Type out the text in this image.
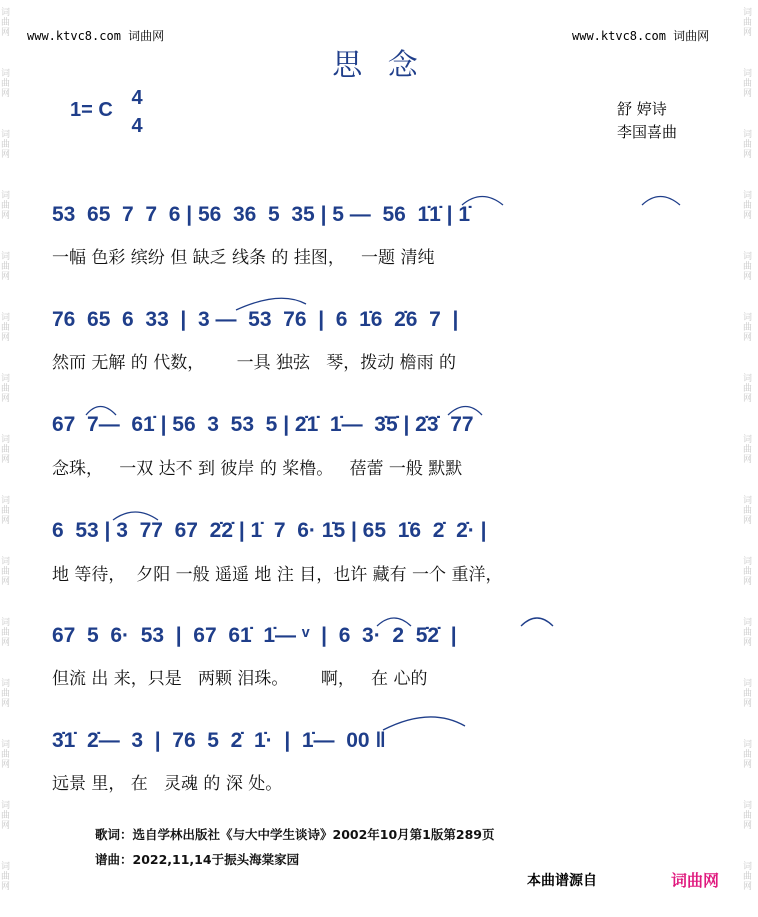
词
曲
网
词
曲
网
词
曲
网
词
曲
网
词
曲
网
词
曲
网
词
曲
网
词
曲
网
词
曲
网
词
曲
网
词
曲
网
词
曲
网
词
曲
网
词
曲
网
词
曲
网
词
曲
网
词
曲
网
词
曲
网
词
曲
网
词
曲
网
词
曲
网
词
曲
网
词
曲
网
词
曲
网
词
曲
网
词
曲
网
词
曲
网
词
曲
网
词
曲
网
词
曲
网
www.ktvc8.com 词曲网	www.ktvc8.com 词曲网
思 念
1= C
4
4
舒 婷诗
李国喜曲
53  65  7  7  6 | 56  36  5  35 | 5 —  56  1̇1̇ | 1̇
一幅 色彩 缤纷 但 缺乏 线条 的 挂图，   一题 清纯
76  65  6  33  |  3 —  53  76  |  6  1̇6  2̇6  7  |
然而 无解 的 代数，      一具 独弦   琴，拨动 檐雨 的
67  7—  61̇ | 56  3  53  5 | 2̇1̇  1̇—  3̇5̇ | 2̇3̇  77
念珠，   一双 达不 到 彼岸 的 桨橹。   蓓蕾 一般 默默
6  53 | 3  77  67  2̇2̇ | 1̇  7  6· 1̇5 | 65  1̇6  2̇  2̇· |
地 等待，  夕阳 一般 遥遥 地 注 目，也许 藏有 一个 重洋，
67  5  6·  53  |  67  61̇  1̇— ᵛ  |  6  3·  2  5̇2̇  |
但流 出 来，只是   两颗 泪珠。      啊，   在 心的
3̇1̇  2̇—  3  |  76  5  2̇  1̇·  |  1̇—  00 ‖
远景 里， 在   灵魂 的 深 处。
歌词：选自学林出版社《与大中学生谈诗》2002年10月第1版第289页
谱曲：2022,11,14于振头海棠家园
本曲谱源自	词曲网
